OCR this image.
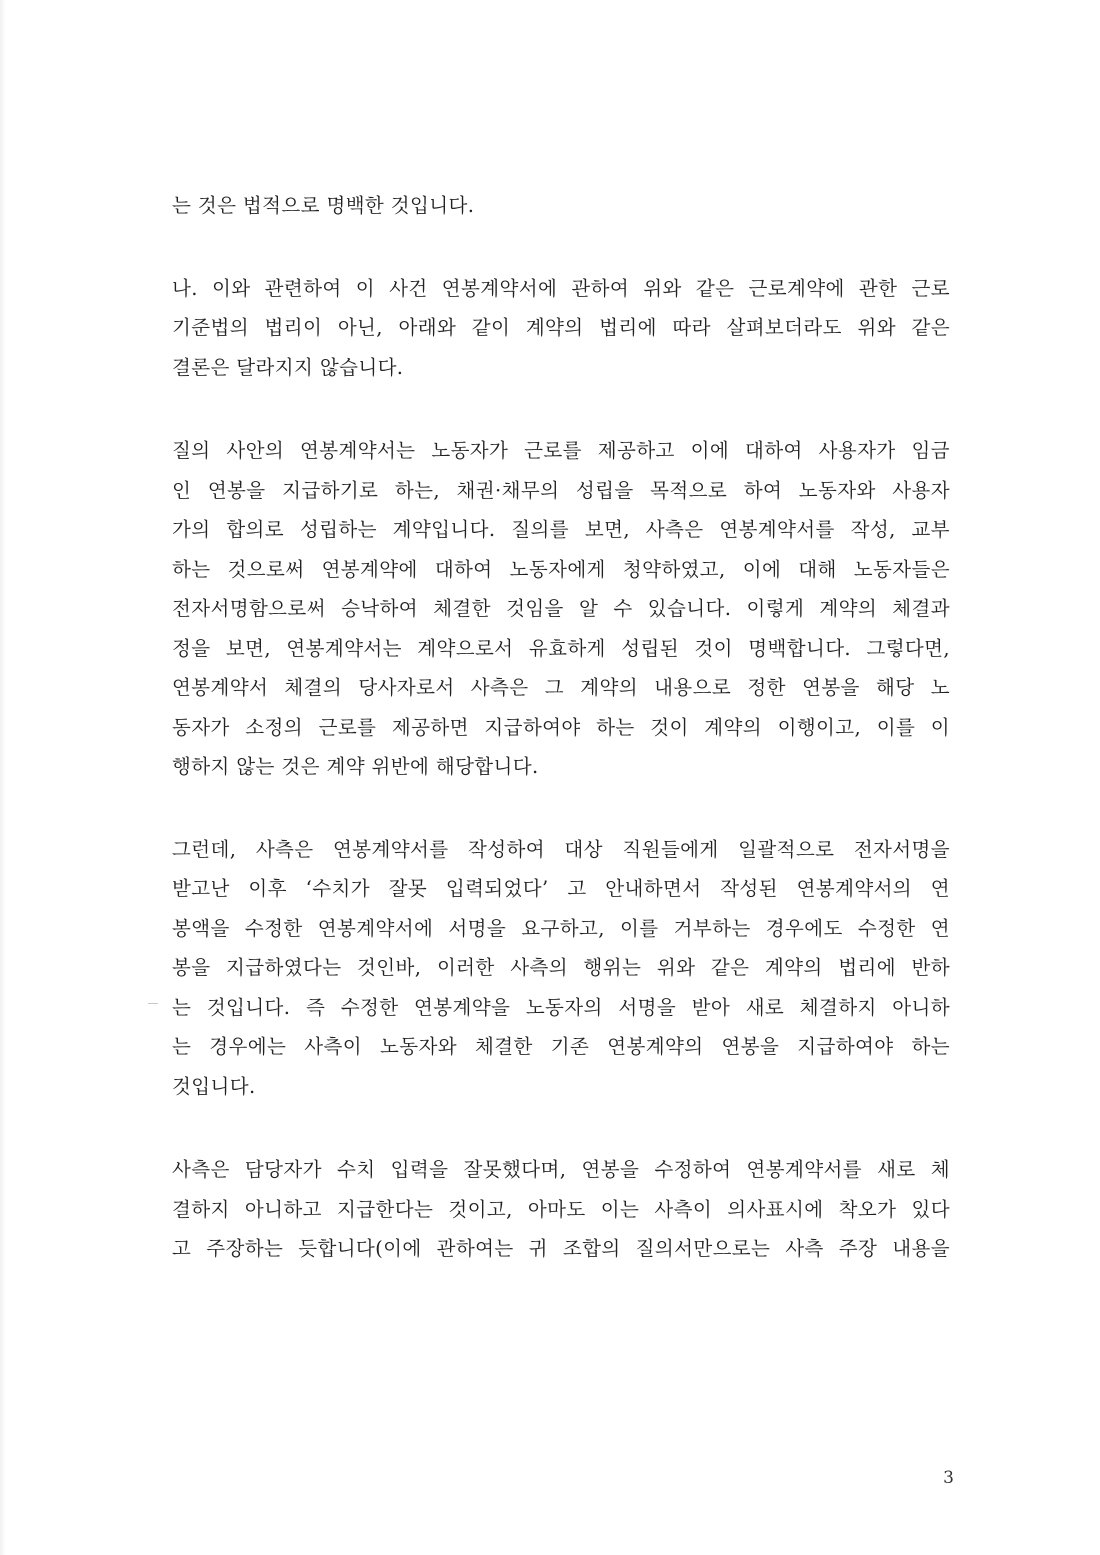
는 것은 법적으로 명백한 것입니다.

나. 이와 관련하여 이 사건 연봉계약서에 관하여 위와 같은 근로계약에 관한 근로
기준법의 법리이 아닌, 아래와 같이 계약의 법리에 따라 살펴보더라도 위와 같은
결론은 달라지지 않습니다.

질의 사안의 연봉계약서는 노동자가 근로를 제공하고 이에 대하여 사용자가 임금
인 연봉을 지급하기로 하는, 채권·채무의 성립을 목적으로 하여 노동자와 사용자
가의 합의로 성립하는 계약입니다. 질의를 보면, 사측은 연봉계약서를 작성, 교부
하는 것으로써 연봉계약에 대하여 노동자에게 청약하였고, 이에 대해 노동자들은
전자서명함으로써 승낙하여 체결한 것임을 알 수 있습니다. 이렇게 계약의 체결과
정을 보면, 연봉계약서는 계약으로서 유효하게 성립된 것이 명백합니다. 그렇다면,
연봉계약서 체결의 당사자로서 사측은 그 계약의 내용으로 정한 연봉을 해당 노
동자가 소정의 근로를 제공하면 지급하여야 하는 것이 계약의 이행이고, 이를 이
행하지 않는 것은 계약 위반에 해당합니다.

그런데, 사측은 연봉계약서를 작성하여 대상 직원들에게 일괄적으로 전자서명을
받고난 이후 ‘수치가 잘못 입력되었다’ 고 안내하면서 작성된 연봉계약서의 연
봉액을 수정한 연봉계약서에 서명을 요구하고, 이를 거부하는 경우에도 수정한 연
봉을 지급하였다는 것인바, 이러한 사측의 행위는 위와 같은 계약의 법리에 반하
는 것입니다. 즉 수정한 연봉계약을 노동자의 서명을 받아 새로 체결하지 아니하
는 경우에는 사측이 노동자와 체결한 기존 연봉계약의 연봉을 지급하여야 하는
것입니다.

사측은 담당자가 수치 입력을 잘못했다며, 연봉을 수정하여 연봉계약서를 새로 체
결하지 아니하고 지급한다는 것이고, 아마도 이는 사측이 의사표시에 착오가 있다
고 주장하는 듯합니다(이에 관하여는 귀 조합의 질의서만으로는 사측 주장 내용을

3
